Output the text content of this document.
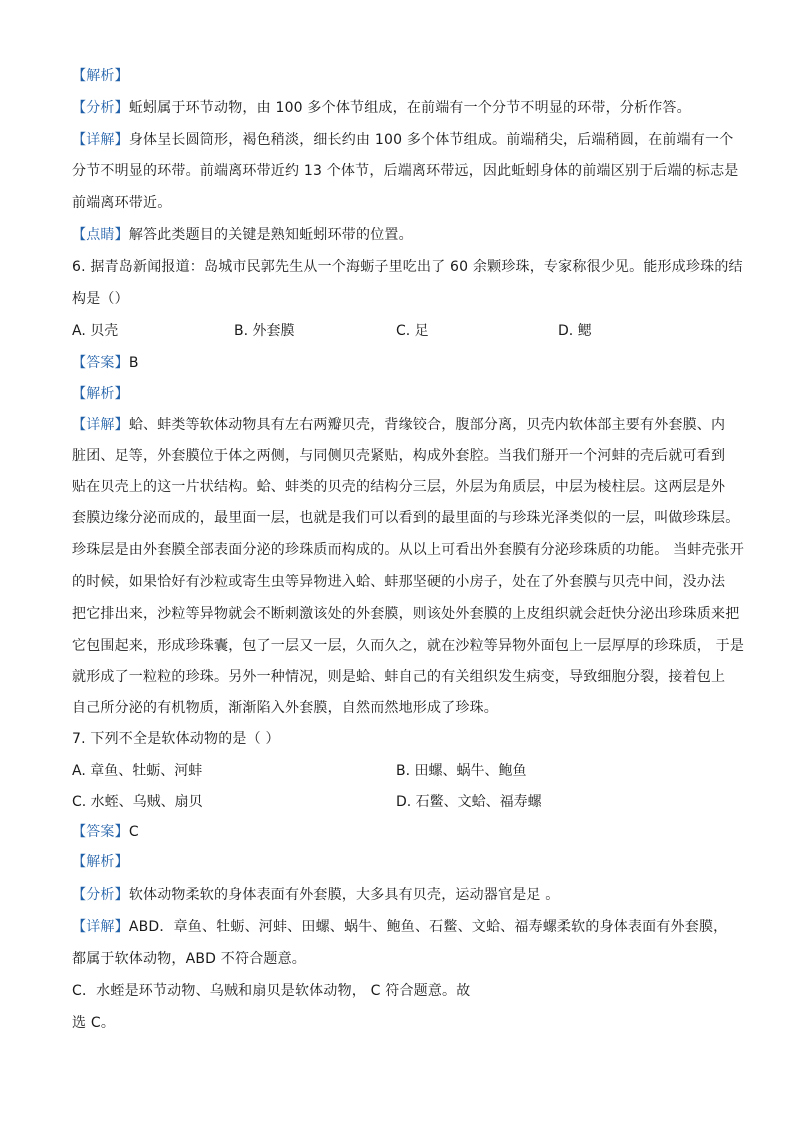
【解析】
【分析】蚯蚓属于环节动物，由 100 多个体节组成，在前端有一个分节不明显的环带，分析作答。
【详解】身体呈长圆筒形，褐色稍淡，细长约由 100 多个体节组成。前端稍尖，后端稍圆，在前端有一个
分节不明显的环带。前端离环带近约 13 个体节，后端离环带远，因此蚯蚓身体的前端区别于后端的标志是
前端离环带近。
【点睛】解答此类题目的关键是熟知蚯蚓环带的位置。
6. 据青岛新闻报道：岛城市民郭先生从一个海蛎子里吃出了 60 余颗珍珠，专家称很少见。能形成珍珠的结
构是（）
A. 贝壳	B. 外套膜	C. 足	D. 鳃
【答案】B
【解析】
【详解】蛤、蚌类等软体动物具有左右两瓣贝壳，背缘铰合，腹部分离，贝壳内软体部主要有外套膜、内
脏团、足等，外套膜位于体之两侧，与同侧贝壳紧贴，构成外套腔。当我们掰开一个河蚌的壳后就可看到
贴在贝壳上的这一片状结构。蛤、蚌类的贝壳的结构分三层，外层为角质层，中层为棱柱层。这两层是外
套膜边缘分泌而成的，最里面一层，也就是我们可以看到的最里面的与珍珠光泽类似的一层，叫做珍珠层。
珍珠层是由外套膜全部表面分泌的珍珠质而构成的。从以上可看出外套膜有分泌珍珠质的功能。 当蚌壳张开
的时候，如果恰好有沙粒或寄生虫等异物进入蛤、蚌那坚硬的小房子，处在了外套膜与贝壳中间，没办法
把它排出来，沙粒等异物就会不断刺激该处的外套膜，则该处外套膜的上皮组织就会赶快分泌出珍珠质来把
它包围起来，形成珍珠囊，包了一层又一层，久而久之，就在沙粒等异物外面包上一层厚厚的珍珠质， 于是
就形成了一粒粒的珍珠。另外一种情况，则是蛤、蚌自己的有关组织发生病变，导致细胞分裂，接着包上
自己所分泌的有机物质，渐渐陷入外套膜，自然而然地形成了珍珠。
7. 下列不全是软体动物的是（ ）
A. 章鱼、牡蛎、河蚌	B. 田螺、蜗牛、鲍鱼
C. 水蛭、乌贼、扇贝	D. 石鳖、文蛤、福寿螺
【答案】C
【解析】
【分析】软体动物柔软的身体表面有外套膜，大多具有贝壳，运动器官是足 。
【详解】ABD．章鱼、牡蛎、河蚌、田螺、蜗牛、鲍鱼、石鳖、文蛤、福寿螺柔软的身体表面有外套膜，
都属于软体动物，ABD 不符合题意。
C．水蛭是环节动物、乌贼和扇贝是软体动物， C 符合题意。故
选 C。
